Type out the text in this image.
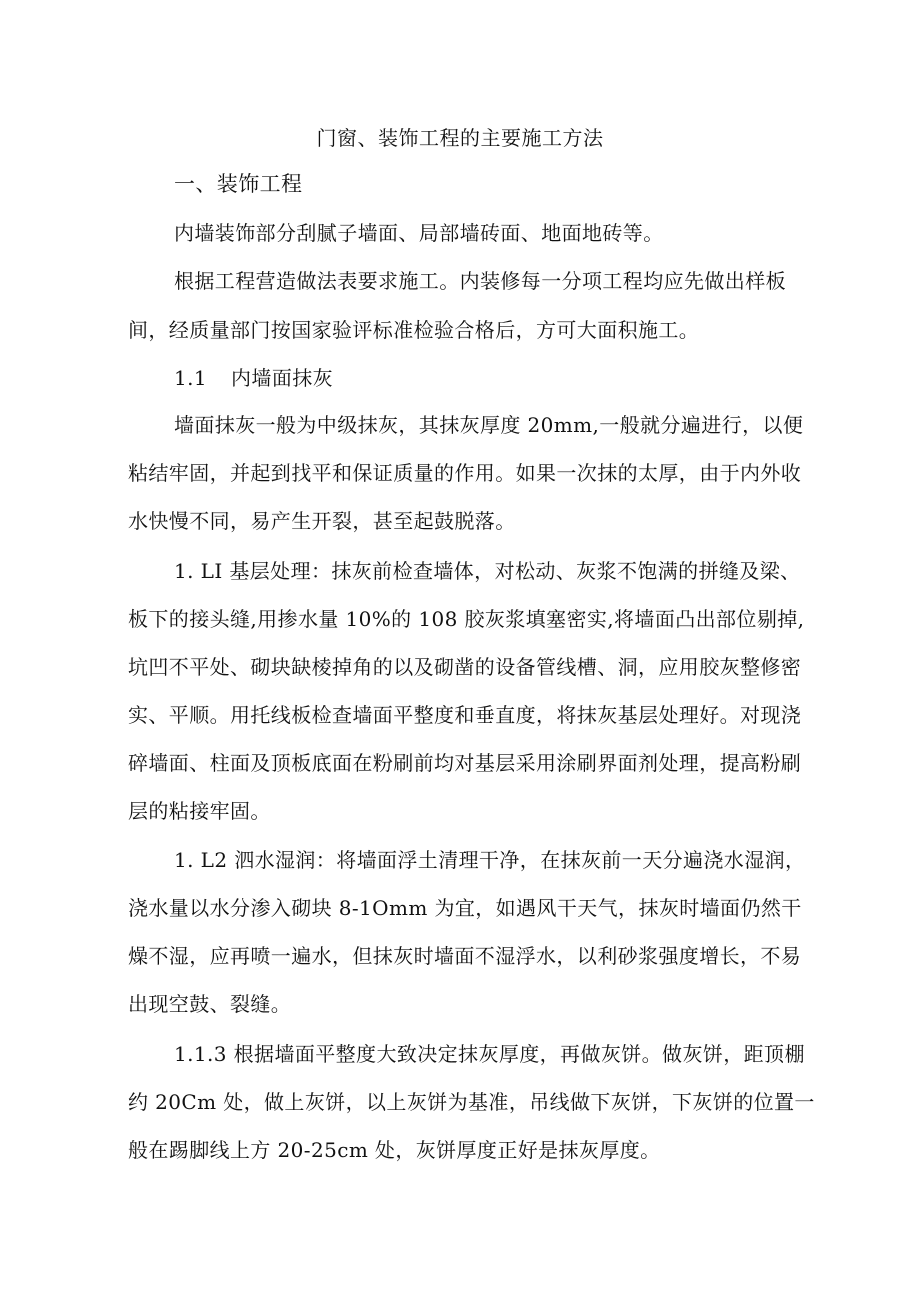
门窗、装饰工程的主要施工方法
一、装饰工程
内墙装饰部分刮腻子墙面、局部墙砖面、地面地砖等。
根据工程营造做法表要求施工。内装修每一分项工程均应先做出样板
间，经质量部门按国家验评标准检验合格后，方可大面积施工。
1.1 内墙面抹灰
墙面抹灰一般为中级抹灰，其抹灰厚度 20mm,一般就分遍进行，以便
粘结牢固，并起到找平和保证质量的作用。如果一次抹的太厚，由于内外收
水快慢不同，易产生开裂，甚至起鼓脱落。
1. LI 基层处理：抹灰前检查墙体，对松动、灰浆不饱满的拼缝及梁、
板下的接头缝,用掺水量 10%的 108 胶灰浆填塞密实,将墙面凸出部位剔掉,
坑凹不平处、砌块缺棱掉角的以及砌凿的设备管线槽、洞，应用胶灰整修密
实、平顺。用托线板检查墙面平整度和垂直度，将抹灰基层处理好。对现浇
碎墙面、柱面及顶板底面在粉刷前均对基层采用涂刷界面剂处理，提高粉刷
层的粘接牢固。
1. L2 泗水湿润：将墙面浮土清理干净，在抹灰前一天分遍浇水湿润，
浇水量以水分渗入砌块 8-1Omm 为宜，如遇风干天气，抹灰时墙面仍然干
燥不湿，应再喷一遍水，但抹灰时墙面不湿浮水，以利砂浆强度增长，不易
出现空鼓、裂缝。
1.1.3 根据墙面平整度大致决定抹灰厚度，再做灰饼。做灰饼，距顶棚
约 20Cm 处，做上灰饼，以上灰饼为基准，吊线做下灰饼，下灰饼的位置一
般在踢脚线上方 20-25cm 处，灰饼厚度正好是抹灰厚度。
